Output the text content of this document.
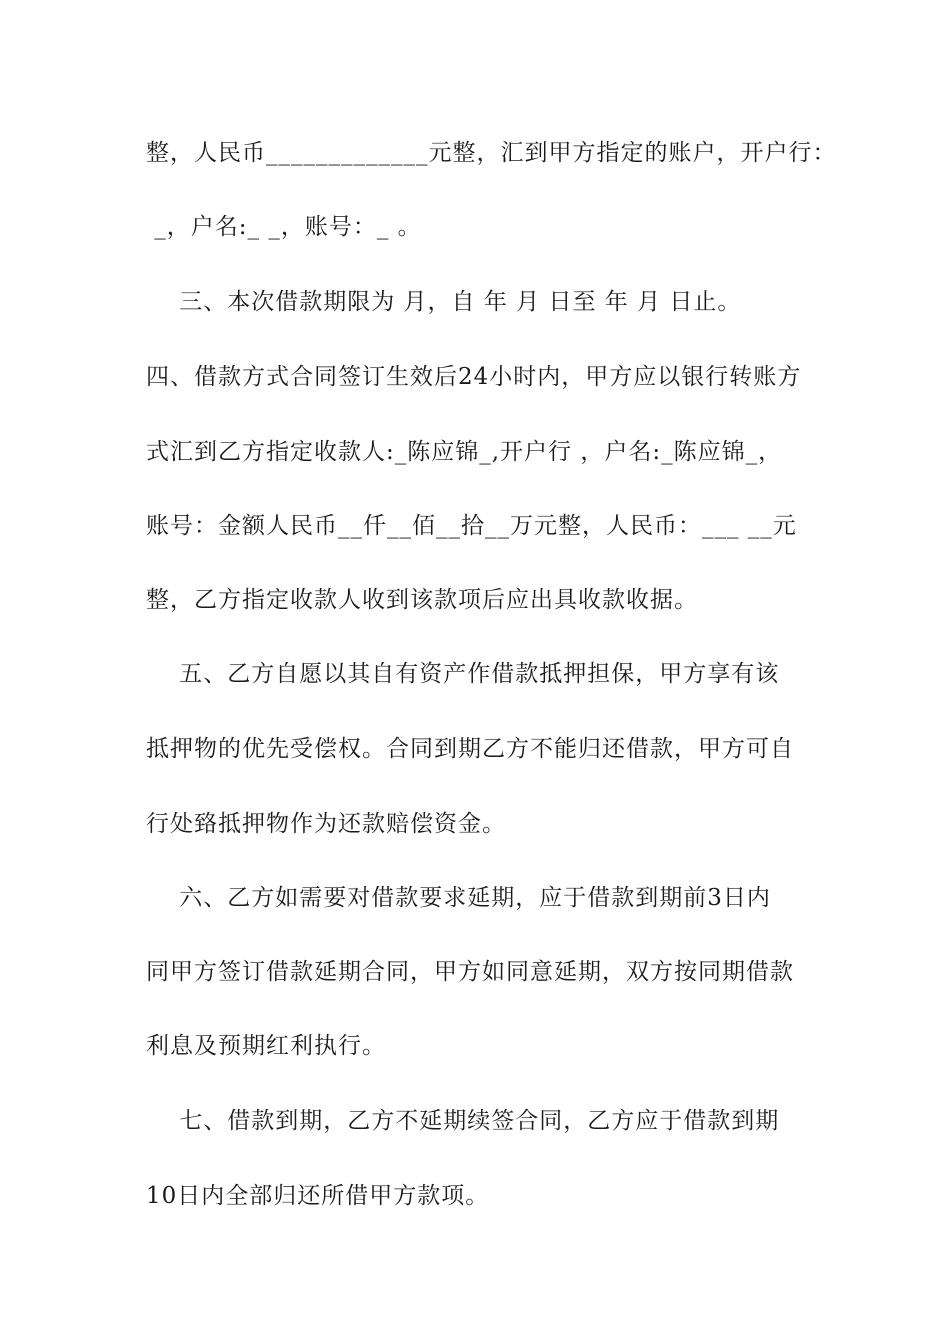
整，人民币_____________元整，汇到甲方指定的账户，开户行：
_，户名:_ _，账号：_ 。
三、本次借款期限为 月，自 年 月 日至 年 月 日止。
四、借款方式合同签订生效后24小时内，甲方应以银行转账方
式汇到乙方指定收款人:_陈应锦_,开户行 ，户名:_陈应锦_，
账号：金额人民币__仟__佰__拾__万元整，人民币：___ __元
整，乙方指定收款人收到该款项后应出具收款收据。
五、乙方自愿以其自有资产作借款抵押担保，甲方享有该
抵押物的优先受偿权。合同到期乙方不能归还借款，甲方可自
行处臵抵押物作为还款赔偿资金。
六、乙方如需要对借款要求延期，应于借款到期前3日内
同甲方签订借款延期合同，甲方如同意延期，双方按同期借款
利息及预期红利执行。
七、借款到期，乙方不延期续签合同，乙方应于借款到期
10日内全部归还所借甲方款项。
